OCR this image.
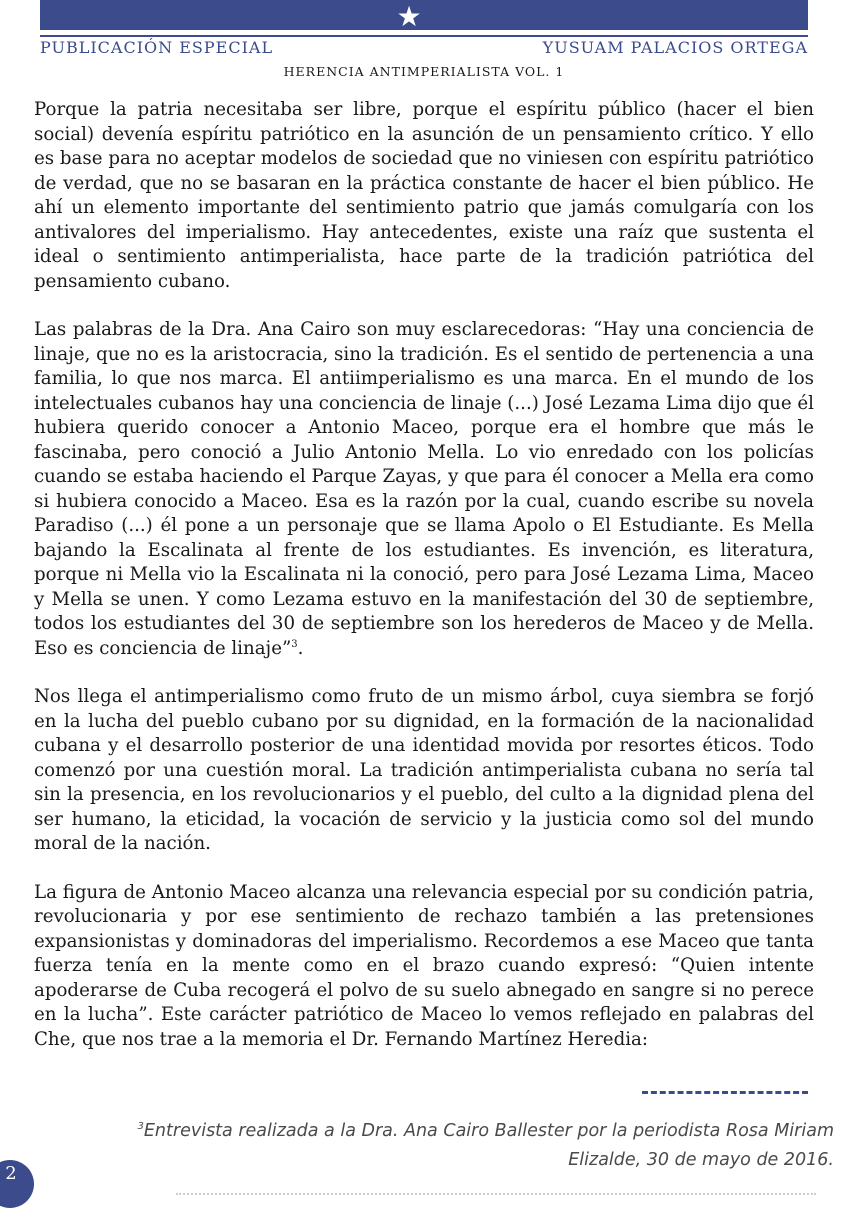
★
PUBLICACIÓN ESPECIAL	YUSUAM PALACIOS ORTEGA
HERENCIA ANTIMPERIALISTA VOL. 1

Porque la patria necesitaba ser libre, porque el espíritu público (hacer el bien social) devenía espíritu patriótico en la asunción de un pensamiento crítico. Y ello es base para no aceptar modelos de sociedad que no viniesen con espíritu patriótico de verdad, que no se basaran en la práctica constante de hacer el bien público. He ahí un elemento importante del sentimiento patrio que jamás comulgaría con los antivalores del imperialismo. Hay antecedentes, existe una raíz que sustenta el ideal o sentimiento antimperialista, hace parte de la tradición patriótica del pensamiento cubano.

Las palabras de la Dra. Ana Cairo son muy esclarecedoras: “Hay una conciencia de linaje, que no es la aristocracia, sino la tradición. Es el sentido de pertenencia a una familia, lo que nos marca. El antiimperialismo es una marca. En el mundo de los intelectuales cubanos hay una conciencia de linaje (...) José Lezama Lima dijo que él hubiera querido conocer a Antonio Maceo, porque era el hombre que más le fascinaba, pero conoció a Julio Antonio Mella. Lo vio enredado con los policías cuando se estaba haciendo el Parque Zayas, y que para él conocer a Mella era como si hubiera conocido a Maceo. Esa es la razón por la cual, cuando escribe su novela Paradiso (...) él pone a un personaje que se llama Apolo o El Estudiante. Es Mella bajando la Escalinata al frente de los estudiantes. Es invención, es literatura, porque ni Mella vio la Escalinata ni la conoció, pero para José Lezama Lima, Maceo y Mella se unen. Y como Lezama estuvo en la manifestación del 30 de septiembre, todos los estudiantes del 30 de septiembre son los herederos de Maceo y de Mella. Eso es conciencia de linaje”$^3$.

Nos llega el antimperialismo como fruto de un mismo árbol, cuya siembra se forjó en la lucha del pueblo cubano por su dignidad, en la formación de la nacionalidad cubana y el desarrollo posterior de una identidad movida por resortes éticos. Todo comenzó por una cuestión moral. La tradición antimperialista cubana no sería tal sin la presencia, en los revolucionarios y el pueblo, del culto a la dignidad plena del ser humano, la eticidad, la vocación de servicio y la justicia como sol del mundo moral de la nación.

La figura de Antonio Maceo alcanza una relevancia especial por su condición patria, revolucionaria y por ese sentimiento de rechazo también a las pretensiones expansionistas y dominadoras del imperialismo. Recordemos a ese Maceo que tanta fuerza tenía en la mente como en el brazo cuando expresó: “Quien intente apoderarse de Cuba recogerá el polvo de su suelo abnegado en sangre si no perece en la lucha”. Este carácter patriótico de Maceo lo vemos reflejado en palabras del Che, que nos trae a la memoria el Dr. Fernando Martínez Heredia:

$^3$Entrevista realizada a la Dra. Ana Cairo Ballester por la periodista Rosa Miriam
Elizalde, 30 de mayo de 2016.
2
